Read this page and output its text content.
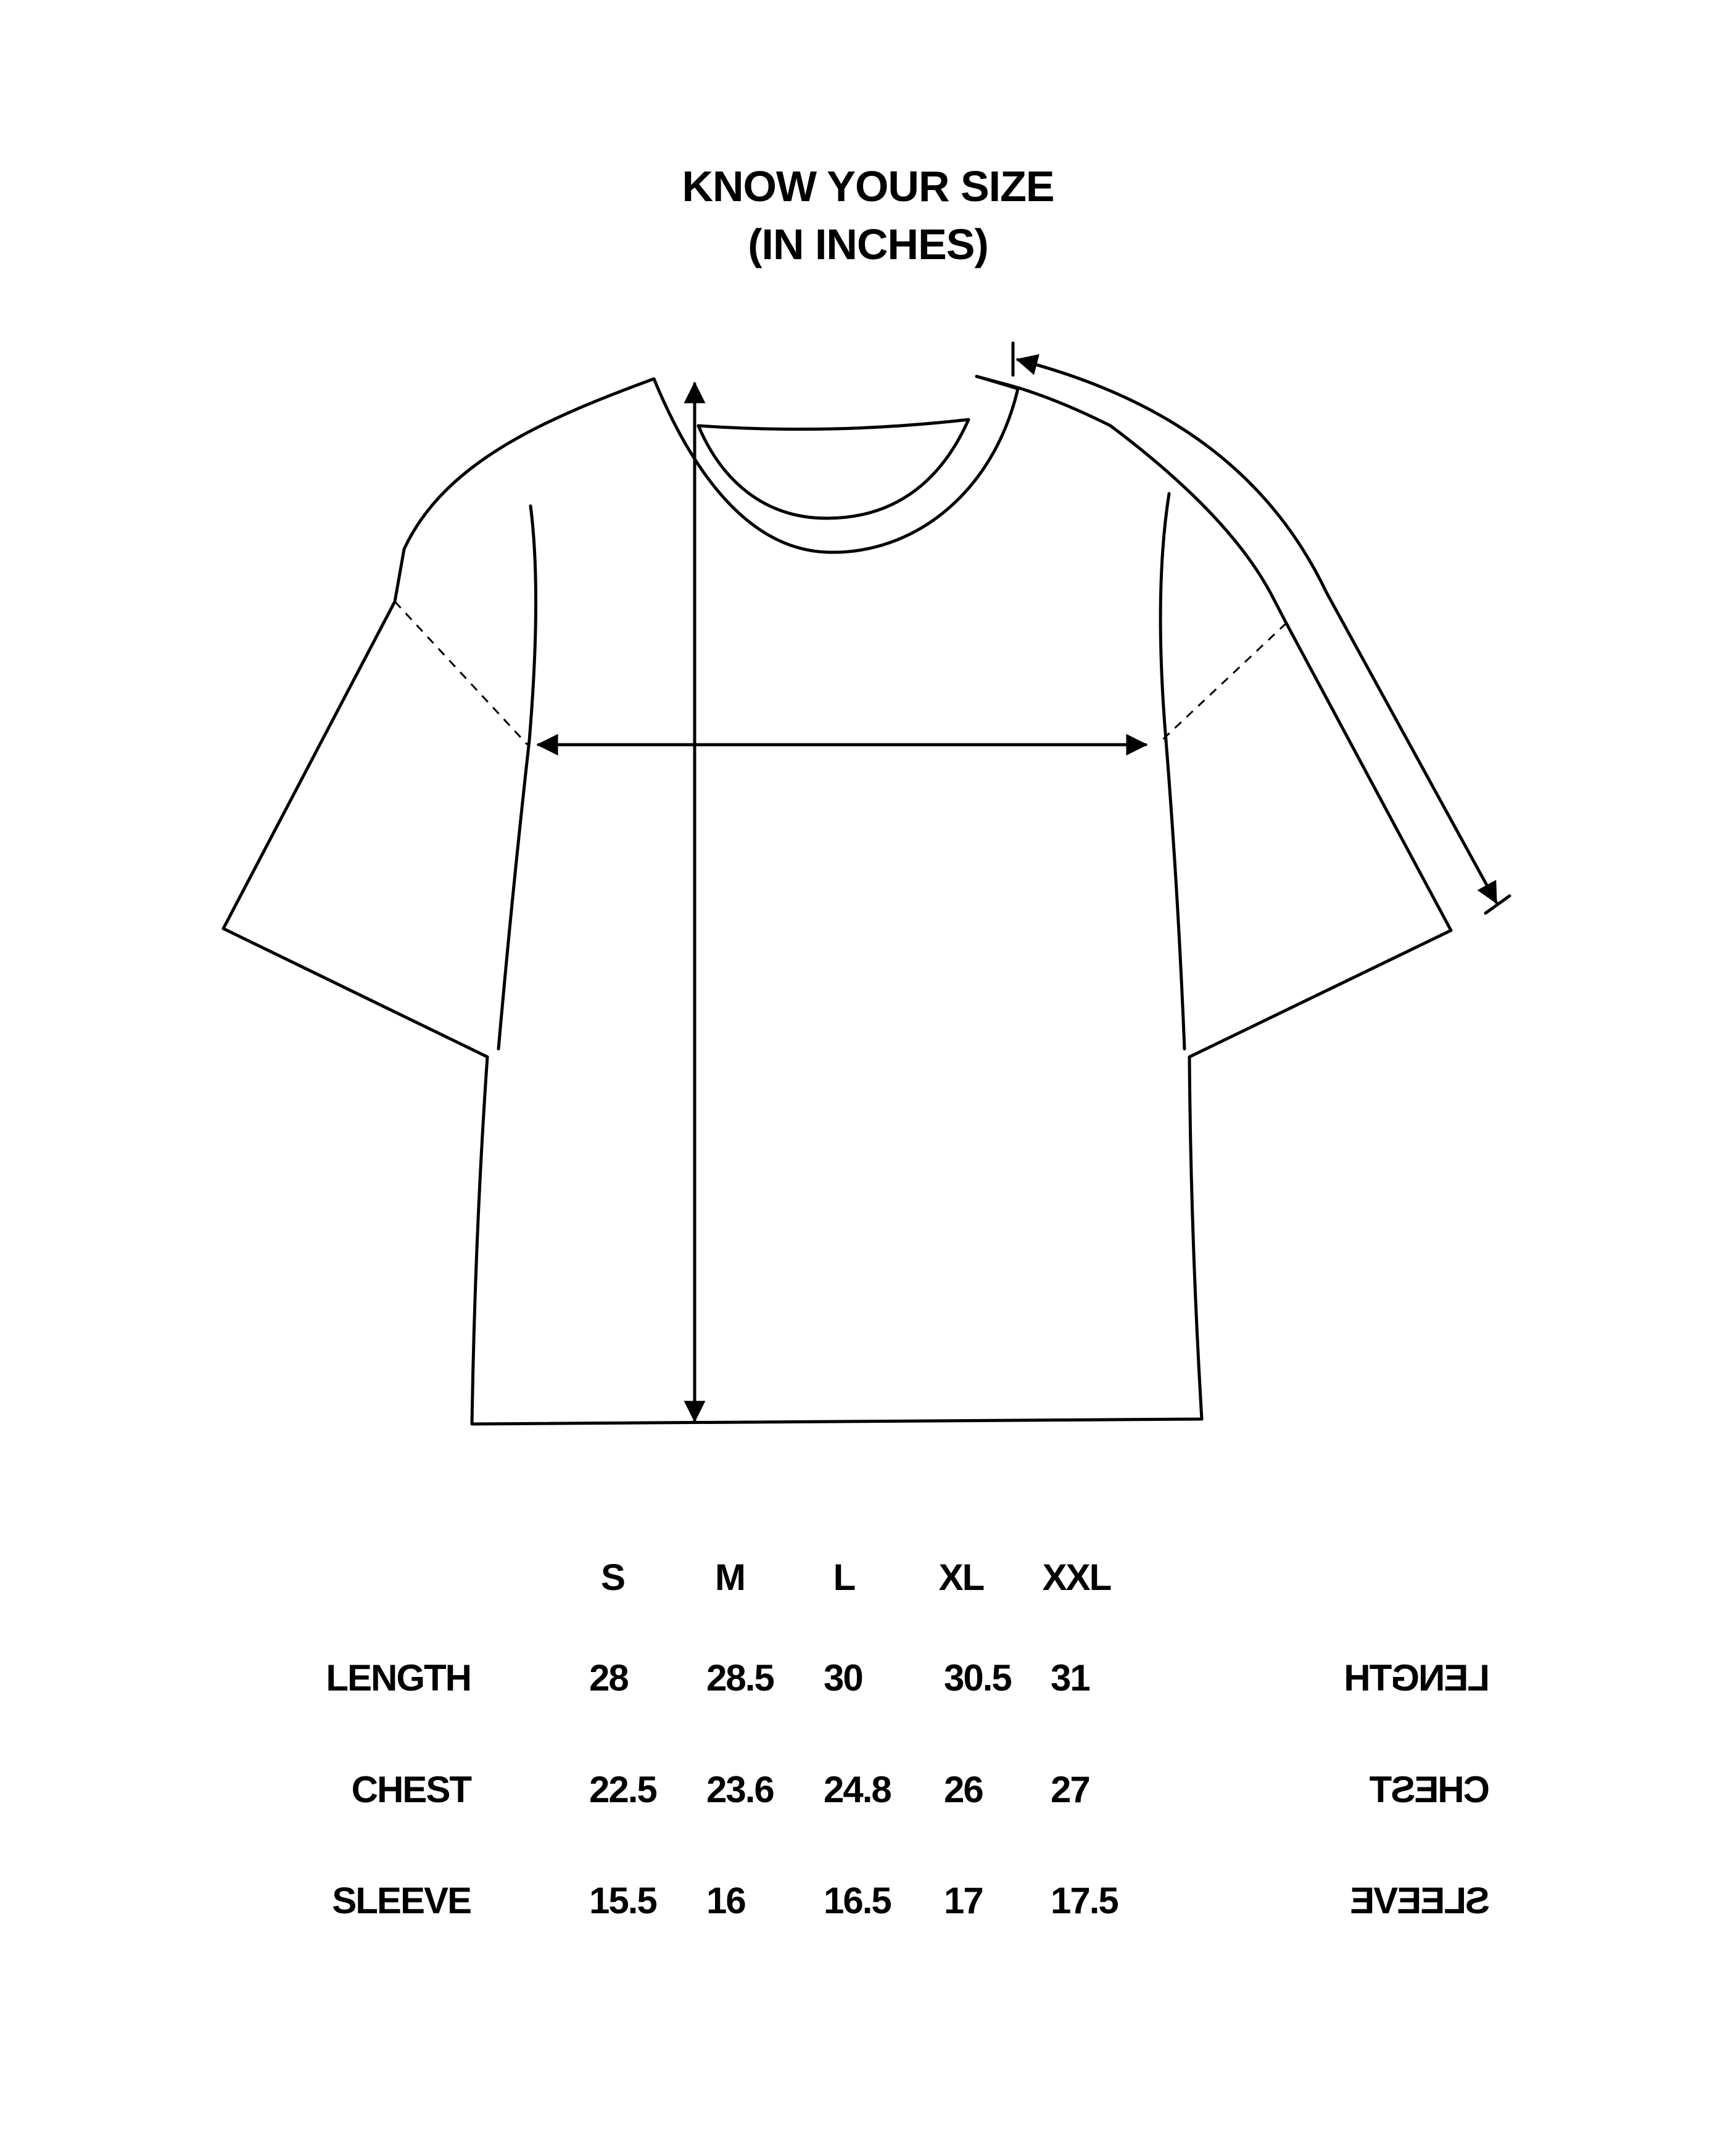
KNOW YOUR SIZE
(IN INCHES)
S	M	L	XL	XXL
LENGTH	28 28.5 30 30.5 31	LENGTH
CHEST	22.5 23.6 24.8 26 27	CHEST
SLEEVE	15.5 16 16.5 17 17.5	SLEEVE
